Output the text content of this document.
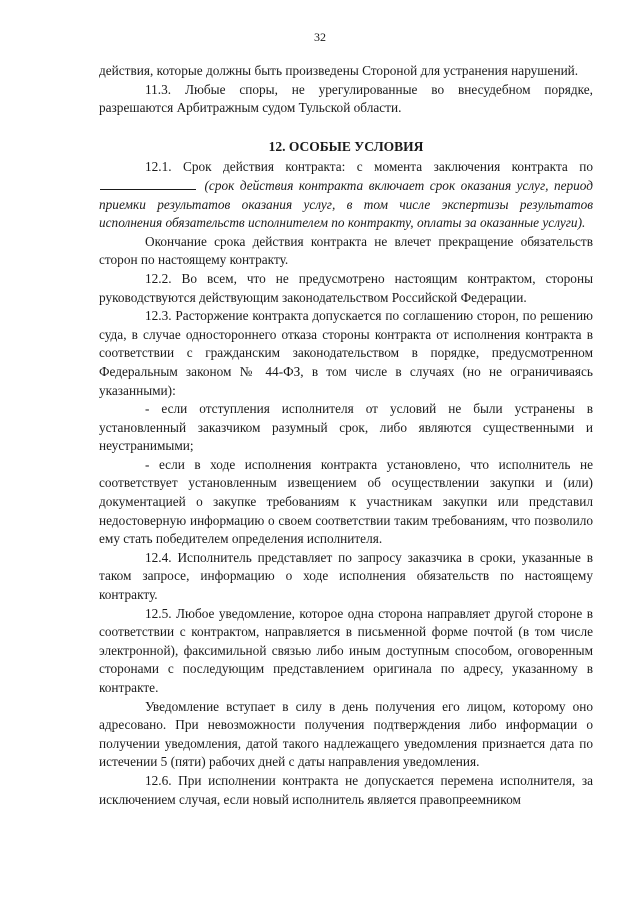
32

действия, которые должны быть произведены Стороной для устранения нарушений.

11.3. Любые споры, не урегулированные во внесудебном порядке, разрешаются Арбитражным судом Тульской области.

12. ОСОБЫЕ УСЛОВИЯ

12.1. Срок действия контракта: с момента заключения контракта по (срок действия контракта включает срок оказания услуг, период приемки результатов оказания услуг, в том числе экспертизы результатов исполнения обязательств исполнителем по контракту, оплаты за оказанные услуги).

Окончание срока действия контракта не влечет прекращение обязательств сторон по настоящему контракту.

12.2. Во всем, что не предусмотрено настоящим контрактом, стороны руководствуются действующим законодательством Российской Федерации.

12.3. Расторжение контракта допускается по соглашению сторон, по решению суда, в случае одностороннего отказа стороны контракта от исполнения контракта в соответствии с гражданским законодательством в порядке, предусмотренном Федеральным законом № 44-ФЗ, в том числе в случаях (но не ограничиваясь указанными):

- если отступления исполнителя от условий не были устранены в установленный заказчиком разумный срок, либо являются существенными и неустранимыми;

- если в ходе исполнения контракта установлено, что исполнитель не соответствует установленным извещением об осуществлении закупки и (или) документацией о закупке требованиям к участникам закупки или представил недостоверную информацию о своем соответствии таким требованиям, что позволило ему стать победителем определения исполнителя.

12.4. Исполнитель представляет по запросу заказчика в сроки, указанные в таком запросе, информацию о ходе исполнения обязательств по настоящему контракту.

12.5. Любое уведомление, которое одна сторона направляет другой стороне в соответствии с контрактом, направляется в письменной форме почтой (в том числе электронной), факсимильной связью либо иным доступным способом, оговоренным сторонами с последующим представлением оригинала по адресу, указанному в контракте.

Уведомление вступает в силу в день получения его лицом, которому оно адресовано. При невозможности получения подтверждения либо информации о получении уведомления, датой такого надлежащего уведомления признается дата по истечении 5 (пяти) рабочих дней с даты направления уведомления.

12.6. При исполнении контракта не допускается перемена исполнителя, за исключением случая, если новый исполнитель является правопреемником
